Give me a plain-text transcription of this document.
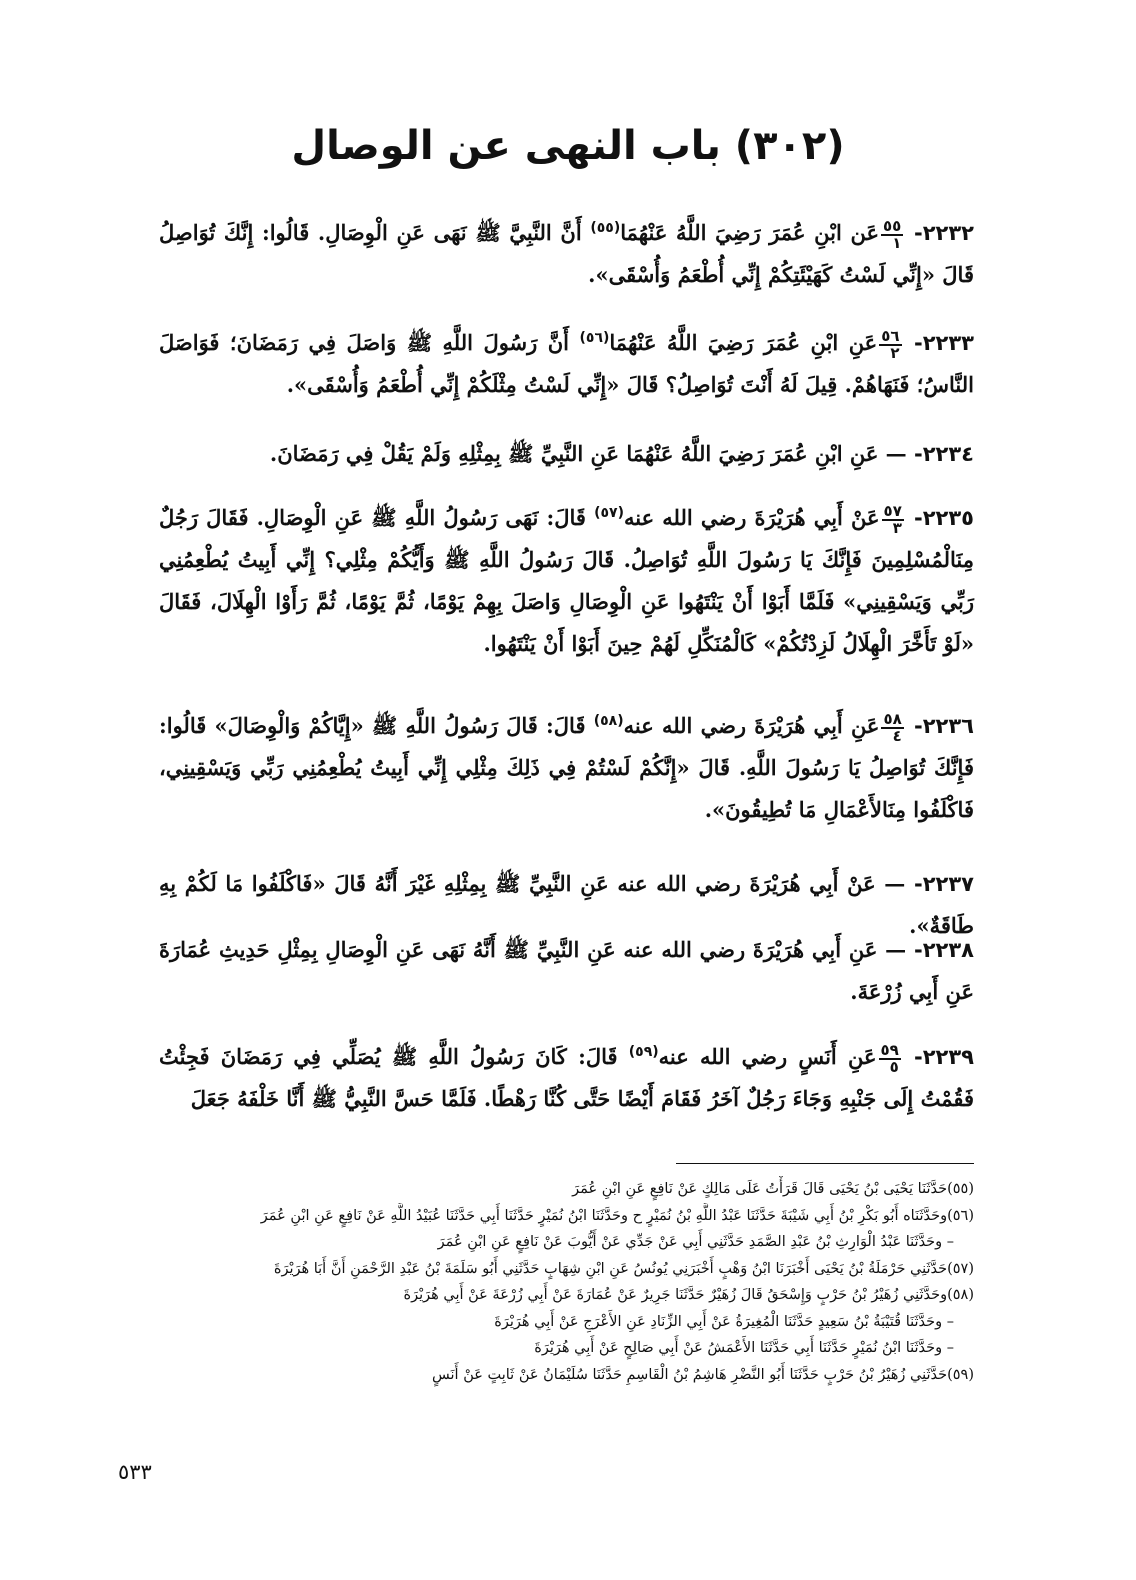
(٣٠٢) باب النهى عن الوصال
٢٢٣٢-
$\frac{٥٥}{١}$
عَن ابْنِ عُمَرَ رَضِيَ اللَّهُ عَنْهُمَا$^{(٥٥)}$ أَنَّ النَّبِيَّ ﷺ نَهَى عَنِ الْوِصَالِ. قَالُوا: إِنَّكَ تُوَاصِلُ قَالَ «إِنِّي لَسْتُ كَهَيْئَتِكُمْ إِنِّي أُطْعَمُ وَأُسْقَى».
٢٢٣٣-
$\frac{٥٦}{٢}$
عَنِ ابْنِ عُمَرَ رَضِيَ اللَّهُ عَنْهُمَا$^{(٥٦)}$ أَنَّ رَسُولَ اللَّهِ ﷺ وَاصَلَ فِي رَمَضَانَ؛ فَوَاصَلَ النَّاسُ؛ فَنَهَاهُمْ. قِيلَ لَهُ أَنْتَ تُوَاصِلُ؟ قَالَ «إِنِّي لَسْتُ مِثْلَكُمْ إِنِّي أُطْعَمُ وَأُسْقَى».
٢٢٣٤- — عَنِ ابْنِ عُمَرَ رَضِيَ اللَّهُ عَنْهُمَا عَنِ النَّبِيِّ ﷺ بِمِثْلِهِ وَلَمْ يَقُلْ فِي رَمَضَانَ.
٢٢٣٥-
$\frac{٥٧}{٣}$
عَنْ أَبِي هُرَيْرَةَ رضي الله عنه$^{(٥٧)}$ قَالَ: نَهَى رَسُولُ اللَّهِ ﷺ عَنِ الْوِصَالِ. فَقَالَ رَجُلٌ مِنَالْمُسْلِمِينَ فَإِنَّكَ يَا رَسُولَ اللَّهِ تُوَاصِلُ. قَالَ رَسُولُ اللَّهِ ﷺ وَأَيُّكُمْ مِثْلِي؟ إِنِّي أَبِيتُ يُطْعِمُنِي رَبِّي وَيَسْقِينِي» فَلَمَّا أَبَوْا أَنْ يَنْتَهُوا عَنِ الْوِصَالِ وَاصَلَ بِهِمْ يَوْمًا، ثُمَّ يَوْمًا، ثُمَّ رَأَوْا الْهِلَالَ، فَقَالَ «لَوْ تَأَخَّرَ الْهِلَالُ لَزِدْتُكُمْ» كَالْمُنَكِّلِ لَهُمْ حِينَ أَبَوْا أَنْ يَنْتَهُوا.
٢٢٣٦-
$\frac{٥٨}{٤}$
عَنِ أَبِي هُرَيْرَةَ رضي الله عنه$^{(٥٨)}$ قَالَ: قَالَ رَسُولُ اللَّهِ ﷺ «إِيَّاكُمْ وَالْوِصَالَ» قَالُوا: فَإِنَّكَ تُوَاصِلُ يَا رَسُولَ اللَّهِ. قَالَ «إِنَّكُمْ لَسْتُمْ فِي ذَلِكَ مِثْلِي إِنِّي أَبِيتُ يُطْعِمُنِي رَبِّي وَيَسْقِينِي، فَاكْلَفُوا مِنَالأَعْمَالِ مَا تُطِيقُونَ».
٢٢٣٧- — عَنْ أَبِي هُرَيْرَةَ رضي الله عنه عَنِ النَّبِيِّ ﷺ بِمِثْلِهِ غَيْرَ أَنَّهُ قَالَ «فَاكْلَفُوا مَا لَكُمْ بِهِ طَاقَةٌ».
٢٢٣٨- — عَنِ أَبِي هُرَيْرَةَ رضي الله عنه عَنِ النَّبِيِّ ﷺ أَنَّهُ نَهَى عَنِ الْوِصَالِ بِمِثْلِ حَدِيثِ عُمَارَةَ عَنِ أَبِي زُرْعَةَ.
٢٢٣٩-
$\frac{٥٩}{٥}$
عَنِ أَنَسٍ رضي الله عنه$^{(٥٩)}$ قَالَ: كَانَ رَسُولُ اللَّهِ ﷺ يُصَلِّي فِي رَمَضَانَ فَجِئْتُ فَقُمْتُ إِلَى جَنْبِهِ وَجَاءَ رَجُلٌ آخَرُ فَقَامَ أَيْضًا حَتَّى كُنَّا رَهْطًا. فَلَمَّا حَسَّ النَّبِيُّ ﷺ أَنَّا خَلْفَهُ جَعَلَ
(٥٥)حَدَّثَنَا يَحْيَى بْنُ يَحْيَى قَالَ قَرَأْتُ عَلَى مَالِكٍ عَنْ نَافِعٍ عَنِ ابْنِ عُمَرَ
(٥٦)وحَدَّثَنَاه أَبُو بَكْرِ بْنُ أَبِي شَيْبَةَ حَدَّثَنَا عَبْدُ اللَّهِ بْنُ نُمَيْرٍ ح وحَدَّثَنَا ابْنُ نُمَيْرٍ حَدَّثَنَا أَبِي حَدَّثَنَا عُبَيْدُ اللَّهِ عَنْ نَافِعٍ عَنِ ابْنِ عُمَرَ
– وحَدَّثَنَا عَبْدُ الْوَارِثِ بْنُ عَبْدِ الصَّمَدِ حَدَّثَنِي أَبِي عَنْ جَدِّي عَنْ أَيُّوبَ عَنْ نَافِعٍ عَنِ ابْنِ عُمَرَ
(٥٧)حَدَّثَنِي حَرْمَلَةُ بْنُ يَحْيَى أَخْبَرَنَا ابْنُ وَهْبٍ أَخْبَرَنِي يُونُسُ عَنِ ابْنِ شِهَابٍ حَدَّثَنِي أَبُو سَلَمَةَ بْنُ عَبْدِ الرَّحْمَنِ أَنَّ أَبَا هُرَيْرَةَ
(٥٨)وحَدَّثَنِي زُهَيْرُ بْنُ حَرْبٍ وَإِسْحَقُ قَالَ زُهَيْرٌ حَدَّثَنَا جَرِيرٌ عَنْ عُمَارَةَ عَنْ أَبِي زُرْعَةَ عَنْ أَبِي هُرَيْرَةَ
– وحَدَّثَنَا قُتَيْبَةُ بْنُ سَعِيدٍ حَدَّثَنَا الْمُغِيرَةُ عَنْ أَبِي الزِّنَادِ عَنِ الأَعْرَجِ عَنْ أَبِي هُرَيْرَةَ
– وحَدَّثَنَا ابْنُ نُمَيْرٍ حَدَّثَنَا أَبِي حَدَّثَنَا الأَعْمَشُ عَنْ أَبِي صَالِحٍ عَنْ أَبِي هُرَيْرَةَ
(٥٩)حَدَّثَنِي زُهَيْرُ بْنُ حَرْبٍ حَدَّثَنَا أَبُو النَّضْرِ هَاشِمُ بْنُ الْقَاسِمِ حَدَّثَنَا سُلَيْمَانُ عَنْ ثَابِتٍ عَنْ أَنَسٍ
٥٣٣
